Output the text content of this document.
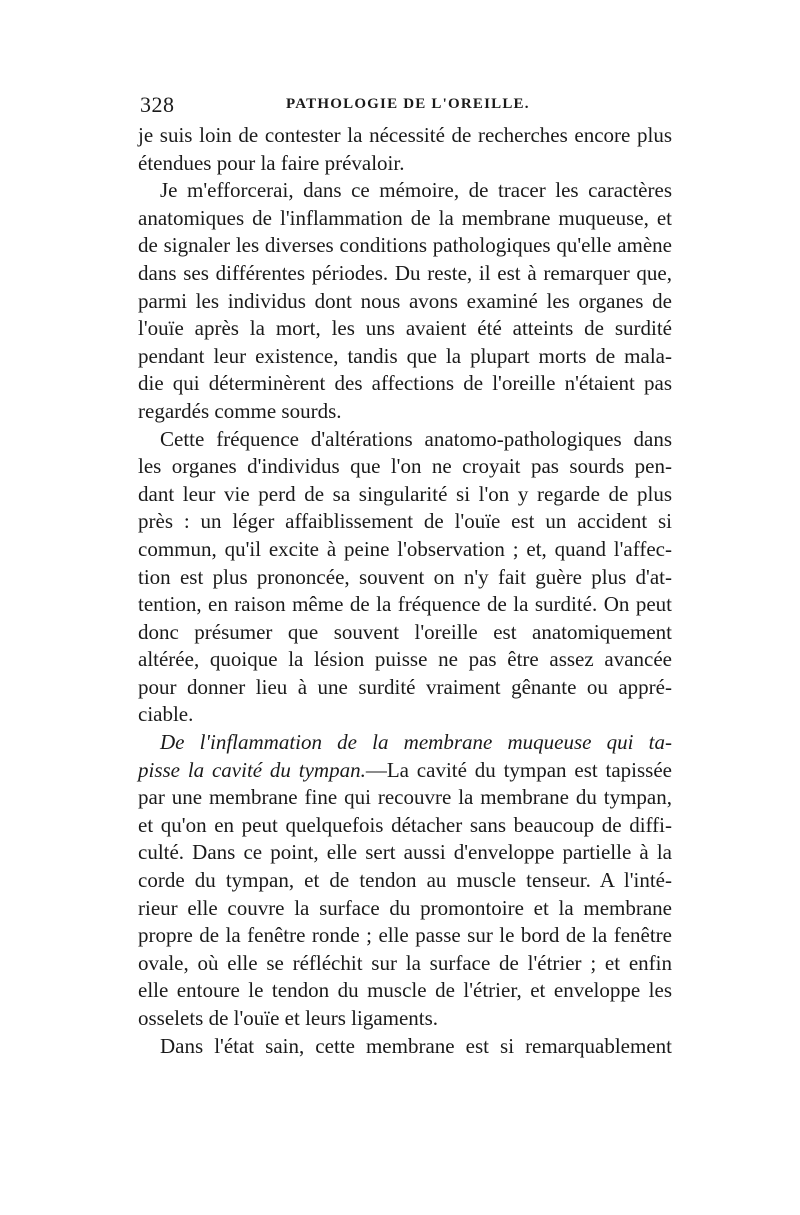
328	PATHOLOGIE DE L'OREILLE.

je suis loin de contester la nécessité de recherches encore plus
étendues pour la faire prévaloir.

Je m'efforcerai, dans ce mémoire, de tracer les caractères
anatomiques de l'inflammation de la membrane muqueuse, et
de signaler les diverses conditions pathologiques qu'elle amène
dans ses différentes périodes. Du reste, il est à remarquer que,
parmi les individus dont nous avons examiné les organes de
l'ouïe après la mort, les uns avaient été atteints de surdité
pendant leur existence, tandis que la plupart morts de mala-
die qui déterminèrent des affections de l'oreille n'étaient pas
regardés comme sourds.

Cette fréquence d'altérations anatomo-pathologiques dans
les organes d'individus que l'on ne croyait pas sourds pen-
dant leur vie perd de sa singularité si l'on y regarde de plus
près : un léger affaiblissement de l'ouïe est un accident si
commun, qu'il excite à peine l'observation ; et, quand l'affec-
tion est plus prononcée, souvent on n'y fait guère plus d'at-
tention, en raison même de la fréquence de la surdité. On peut
donc présumer que souvent l'oreille est anatomiquement
altérée, quoique la lésion puisse ne pas être assez avancée
pour donner lieu à une surdité vraiment gênante ou appré-
ciable.

De l'inflammation de la membrane muqueuse qui ta-
pisse la cavité du tympan.—La cavité du tympan est tapissée
par une membrane fine qui recouvre la membrane du tympan,
et qu'on en peut quelquefois détacher sans beaucoup de diffi-
culté. Dans ce point, elle sert aussi d'enveloppe partielle à la
corde du tympan, et de tendon au muscle tenseur. A l'inté-
rieur elle couvre la surface du promontoire et la membrane
propre de la fenêtre ronde ; elle passe sur le bord de la fenêtre
ovale, où elle se réfléchit sur la surface de l'étrier ; et enfin
elle entoure le tendon du muscle de l'étrier, et enveloppe les
osselets de l'ouïe et leurs ligaments.

Dans l'état sain, cette membrane est si remarquablement
